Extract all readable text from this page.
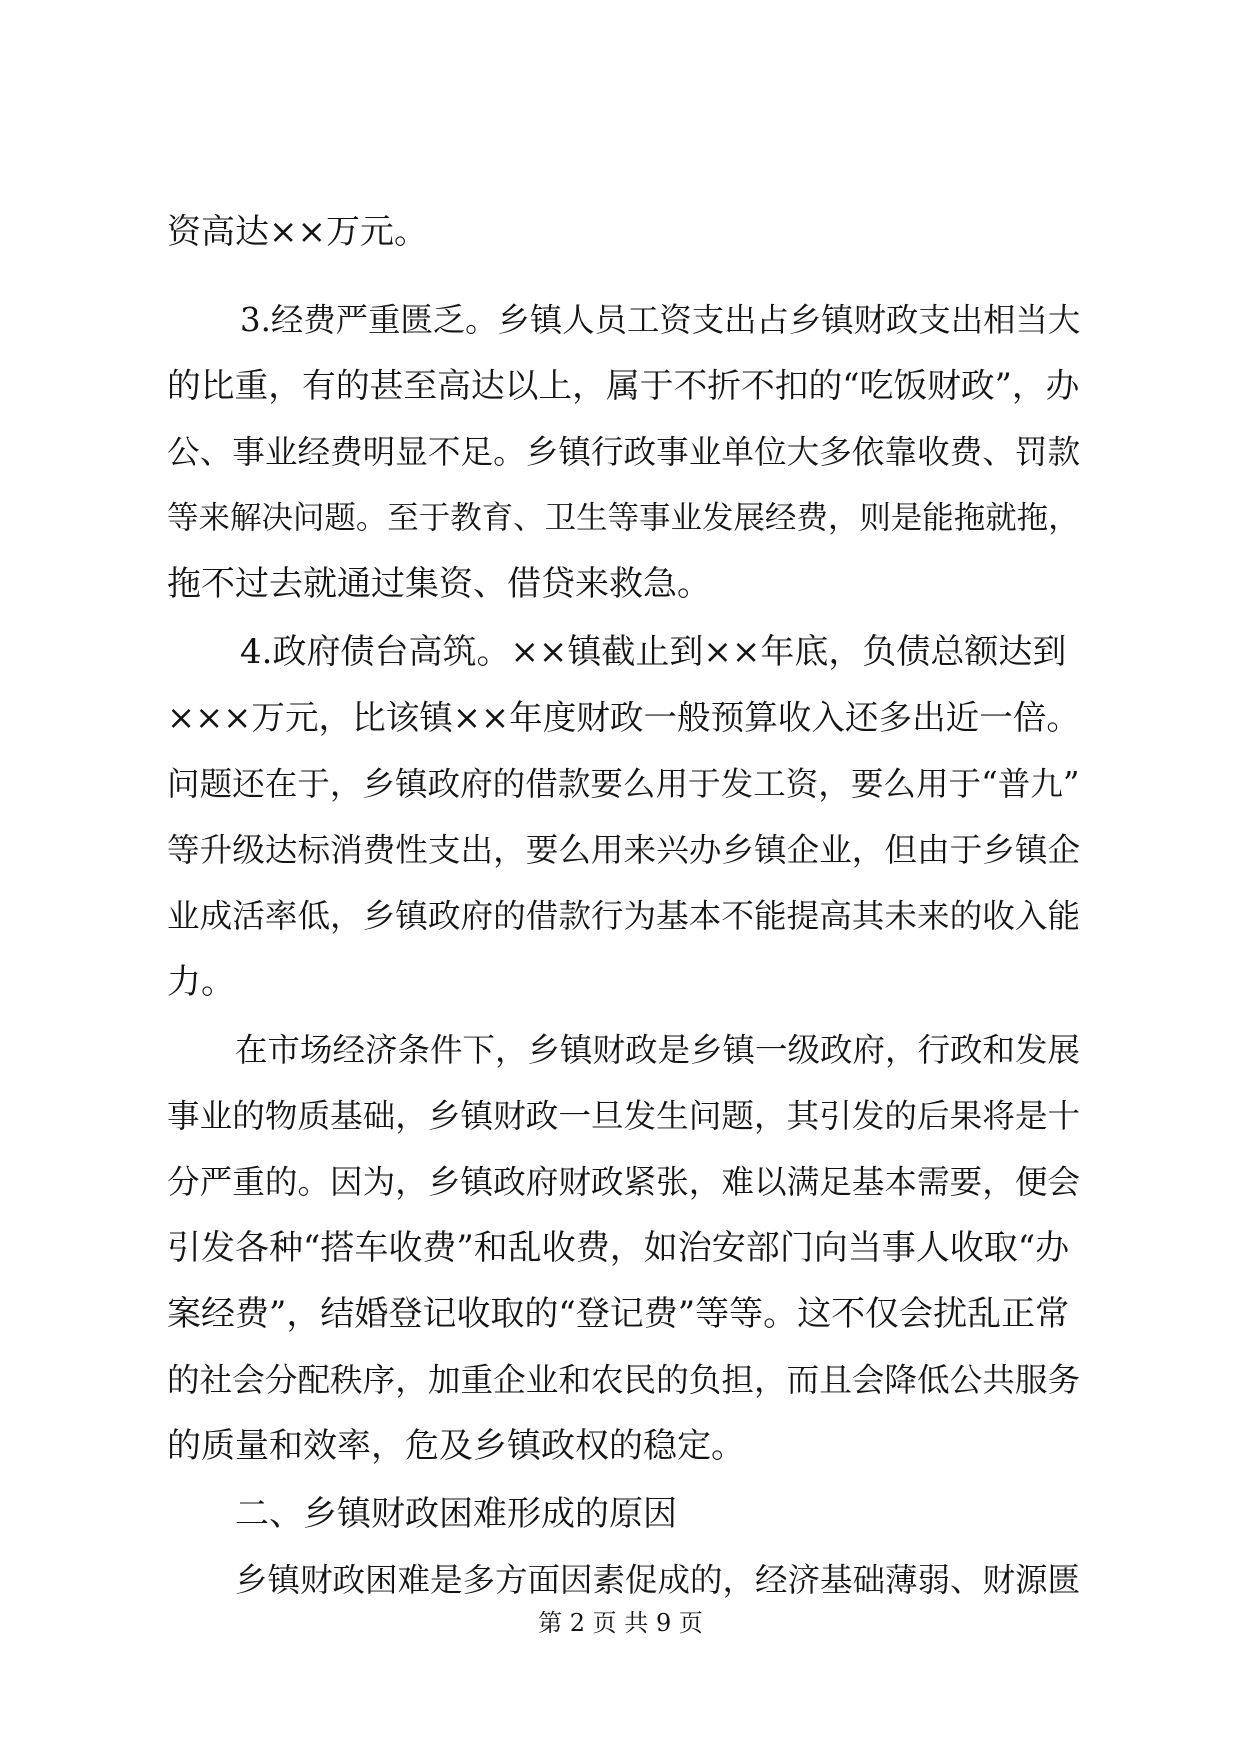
资高达××万元。
3.经费严重匮乏。乡镇人员工资支出占乡镇财政支出相当大
的比重，有的甚至高达以上，属于不折不扣的“吃饭财政”，办
公、事业经费明显不足。乡镇行政事业单位大多依靠收费、罚款
等来解决问题。至于教育、卫生等事业发展经费，则是能拖就拖，
拖不过去就通过集资、借贷来救急。
4.政府债台高筑。××镇截止到××年底，负债总额达到
×××万元，比该镇××年度财政一般预算收入还多出近一倍。
问题还在于，乡镇政府的借款要么用于发工资，要么用于“普九”
等升级达标消费性支出，要么用来兴办乡镇企业，但由于乡镇企
业成活率低，乡镇政府的借款行为基本不能提高其未来的收入能
力。
在市场经济条件下，乡镇财政是乡镇一级政府，行政和发展
事业的物质基础，乡镇财政一旦发生问题，其引发的后果将是十
分严重的。因为，乡镇政府财政紧张，难以满足基本需要，便会
引发各种“搭车收费”和乱收费，如治安部门向当事人收取“办
案经费”，结婚登记收取的“登记费”等等。这不仅会扰乱正常
的社会分配秩序，加重企业和农民的负担，而且会降低公共服务
的质量和效率，危及乡镇政权的稳定。
二、乡镇财政困难形成的原因
乡镇财政困难是多方面因素促成的，经济基础薄弱、财源匮
第 2 页 共 9 页
